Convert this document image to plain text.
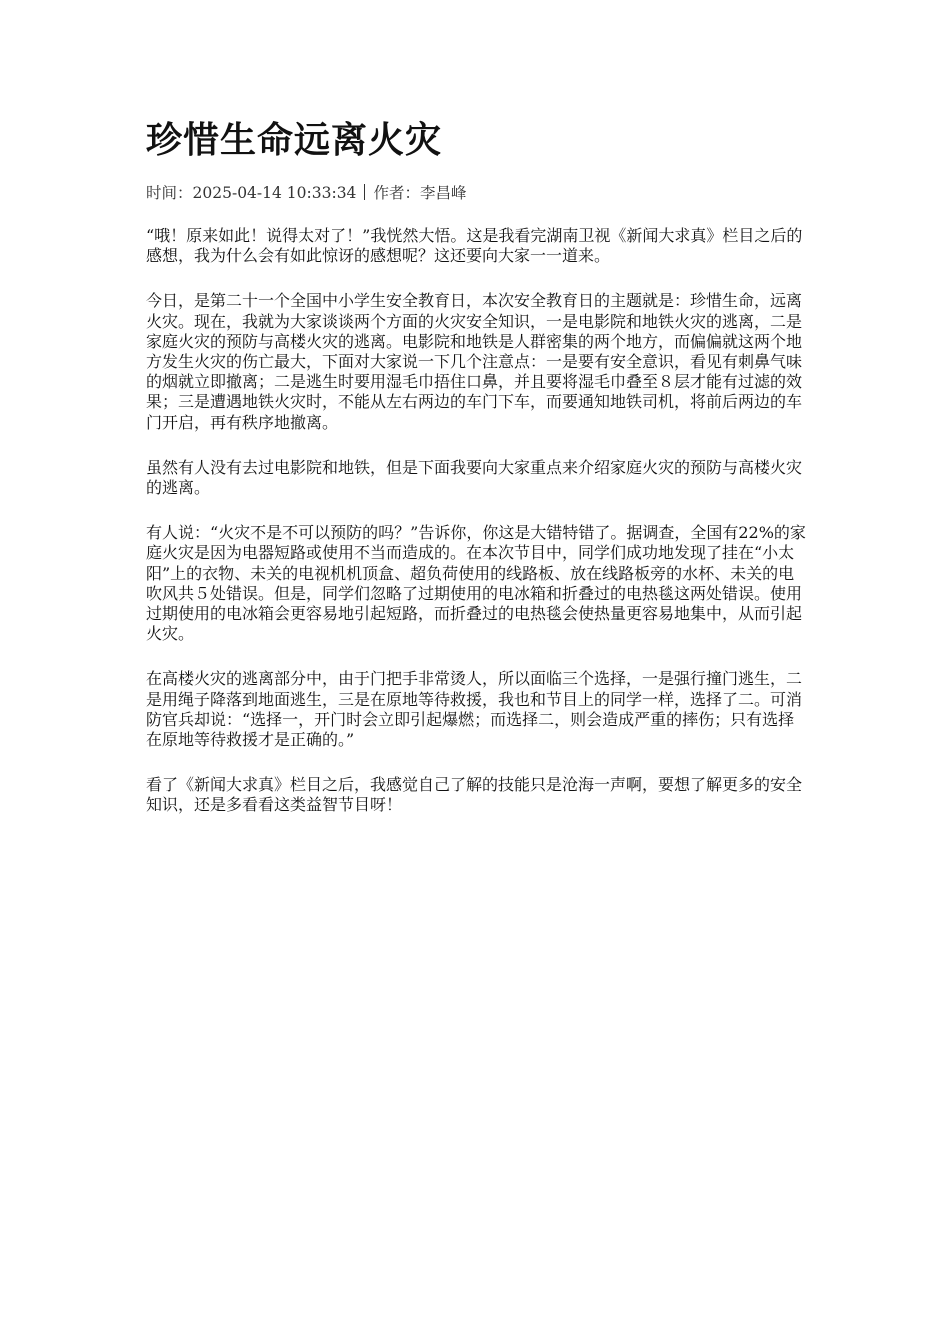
珍惜生命远离火灾
时间：2025-04-14 10:33:34 作者：李昌峰

“哦！原来如此！说得太对了！”我恍然大悟。这是我看完湖南卫视《新闻大求真》栏目之后的感想，我为什么会有如此惊讶的感想呢？这还要向大家一一道来。

今日，是第二十一个全国中小学生安全教育日，本次安全教育日的主题就是：珍惜生命，远离火灾。现在，我就为大家谈谈两个方面的火灾安全知识，一是电影院和地铁火灾的逃离，二是家庭火灾的预防与高楼火灾的逃离。电影院和地铁是人群密集的两个地方，而偏偏就这两个地方发生火灾的伤亡最大，下面对大家说一下几个注意点：一是要有安全意识，看见有刺鼻气味的烟就立即撤离；二是逃生时要用湿毛巾捂住口鼻，并且要将湿毛巾叠至８层才能有过滤的效果；三是遭遇地铁火灾时，不能从左右两边的车门下车，而要通知地铁司机，将前后两边的车门开启，再有秩序地撤离。

虽然有人没有去过电影院和地铁，但是下面我要向大家重点来介绍家庭火灾的预防与高楼火灾的逃离。

有人说：“火灾不是不可以预防的吗？”告诉你，你这是大错特错了。据调查，全国有22%的家庭火灾是因为电器短路或使用不当而造成的。在本次节目中，同学们成功地发现了挂在“小太阳”上的衣物、未关的电视机机顶盒、超负荷使用的线路板、放在线路板旁的水杯、未关的电吹风共５处错误。但是，同学们忽略了过期使用的电冰箱和折叠过的电热毯这两处错误。使用过期使用的电冰箱会更容易地引起短路，而折叠过的电热毯会使热量更容易地集中，从而引起火灾。

在高楼火灾的逃离部分中，由于门把手非常烫人，所以面临三个选择，一是强行撞门逃生，二是用绳子降落到地面逃生，三是在原地等待救援，我也和节目上的同学一样，选择了二。可消防官兵却说：“选择一，开门时会立即引起爆燃；而选择二，则会造成严重的摔伤；只有选择在原地等待救援才是正确的。”

看了《新闻大求真》栏目之后，我感觉自己了解的技能只是沧海一声啊，要想了解更多的安全知识，还是多看看这类益智节目呀！
